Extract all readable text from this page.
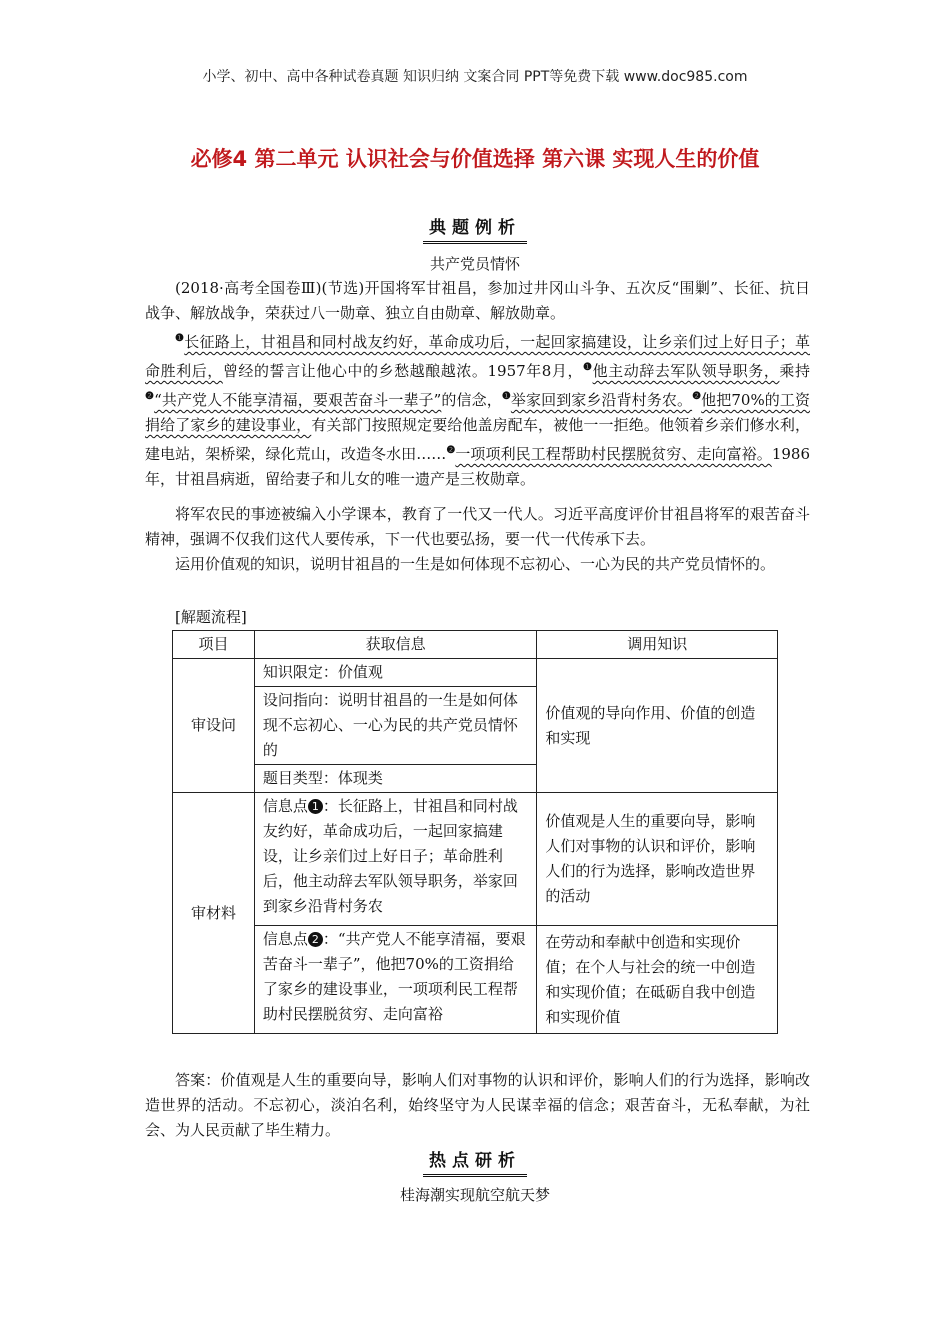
小学、初中、高中各种试卷真题 知识归纳 文案合同 PPT等免费下载 www.doc985.com
必修4 第二单元 认识社会与价值选择 第六课 实现人生的价值
典题例析
共产党员情怀
(2018·高考全国卷Ⅲ)(节选)开国将军甘祖昌，参加过井冈山斗争、五次反“围剿”、长征、抗日战争、解放战争，荣获过八一勋章、独立自由勋章、解放勋章。
$^❶$长征路上，甘祖昌和同村战友约好，革命成功后，一起回家搞建设，让乡亲们过上好日子；革命胜利后，曾经的誓言让他心中的乡愁越酿越浓。1957年8月，$^❶$他主动辞去军队领导职务，乘持$^❷$“共产党人不能享清福，要艰苦奋斗一辈子”的信念，$^❶$举家回到家乡沿背村务农。$^❷$他把70%的工资捐给了家乡的建设事业，有关部门按照规定要给他盖房配车，被他一一拒绝。他领着乡亲们修水利，建电站，架桥梁，绿化荒山，改造冬水田……$^❷$一项项利民工程帮助村民摆脱贫穷、走向富裕。1986年，甘祖昌病逝，留给妻子和儿女的唯一遗产是三枚勋章。
将军农民的事迹被编入小学课本，教育了一代又一代人。习近平高度评价甘祖昌将军的艰苦奋斗精神，强调不仅我们这代人要传承，下一代也要弘扬，要一代一代传承下去。
运用价值观的知识，说明甘祖昌的一生是如何体现不忘初心、一心为民的共产党员情怀的。
[解题流程]
项目	获取信息	调用知识
审设问	知识限定：价值观	价值观的导向作用、价值的创造和实现
	设问指向：说明甘祖昌的一生是如何体现不忘初心、一心为民的共产党员情怀的	
	题目类型：体现类	
审材料	信息点 1 ：长征路上，甘祖昌和同村战友约好，革命成功后，一起回家搞建设，让乡亲们过上好日子；革命胜利后，他主动辞去军队领导职务，举家回到家乡沿背村务农	价值观是人生的重要向导，影响人们对事物的认识和评价，影响人们的行为选择，影响改造世界的活动
	信息点 2 ：“共产党人不能享清福，要艰苦奋斗一辈子”，他把70%的工资捐给了家乡的建设事业，一项项利民工程帮助村民摆脱贫穷、走向富裕	在劳动和奉献中创造和实现价值；在个人与社会的统一中创造和实现价值；在砥砺自我中创造和实现价值
答案：价值观是人生的重要向导，影响人们对事物的认识和评价，影响人们的行为选择，影响改造世界的活动。不忘初心，淡泊名利，始终坚守为人民谋幸福的信念；艰苦奋斗，无私奉献，为社会、为人民贡献了毕生精力。
热点研析
桂海潮实现航空航天梦
